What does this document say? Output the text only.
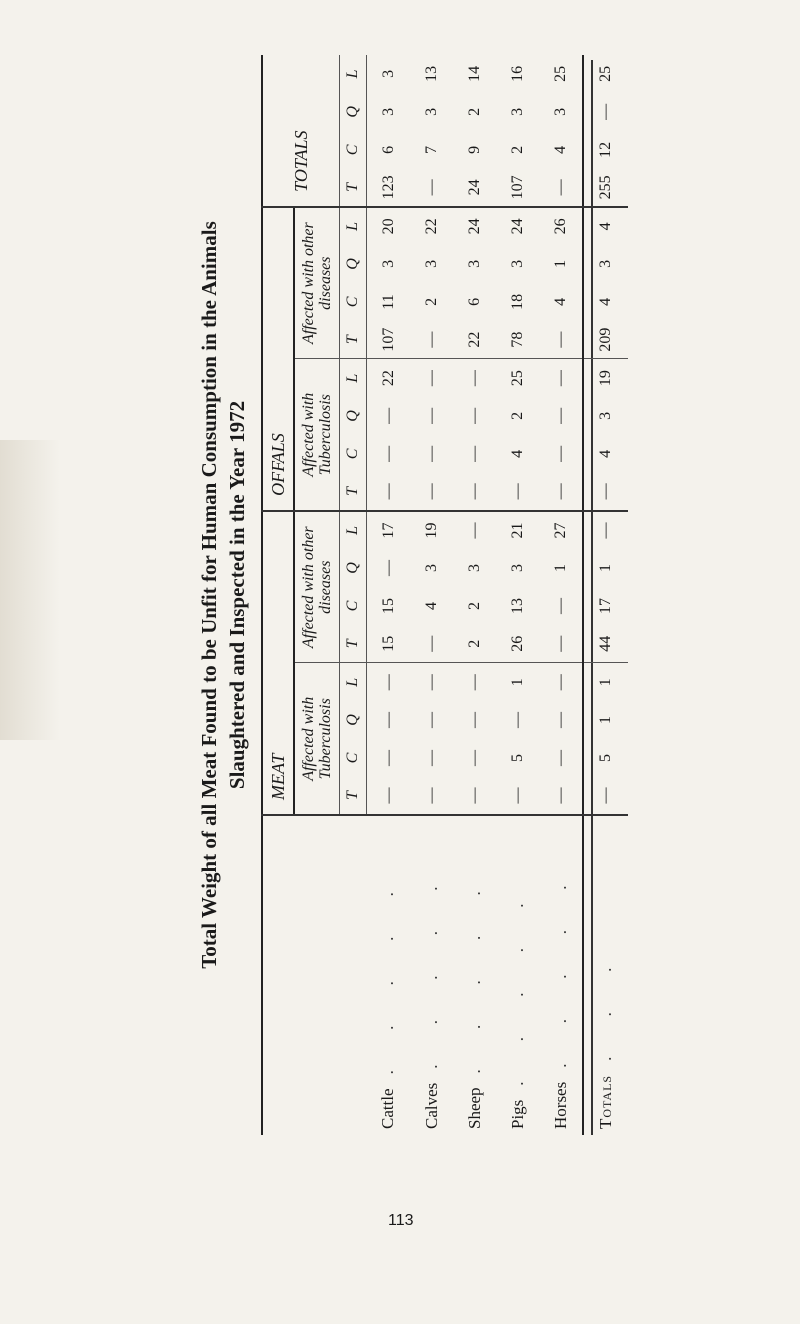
Total Weight of all Meat Found to be Unfit for Human Consumption in the Animals Slaughtered and Inspected in the Year 1972
	MEAT								OFFALS								TOTALS			
	Affected with Tuberculosis				Affected with other diseases				Affected with Tuberculosis				Affected with other diseases							
	T	C	Q	L	T	C	Q	L	T	C	Q	L	T	C	Q	L	T	C	Q	L
Cattle. . . . .	—	—	—	—	15	15	—	17	—	—	—	22	107	11	3	20	123	6	3	3
Calves. . . . .	—	—	—	—	—	4	3	19	—	—	—	—	—	2	3	22	—	7	3	13
Sheep. . . . .	—	—	—	—	2	2	3	—	—	—	—	—	22	6	3	24	24	9	2	14
Pigs. . . . .	—	5	—	1	26	13	3	21	—	4	2	25	78	18	3	24	107	2	3	16
Horses. . . . .	—	—	—	—	—	—	1	27	—	—	—	—	—	4	1	26	—	4	3	25
Totals. . .	—	5	1	1	44	17	1	—	—	4	3	19	209	4	3	4	255	12	—	25
113
